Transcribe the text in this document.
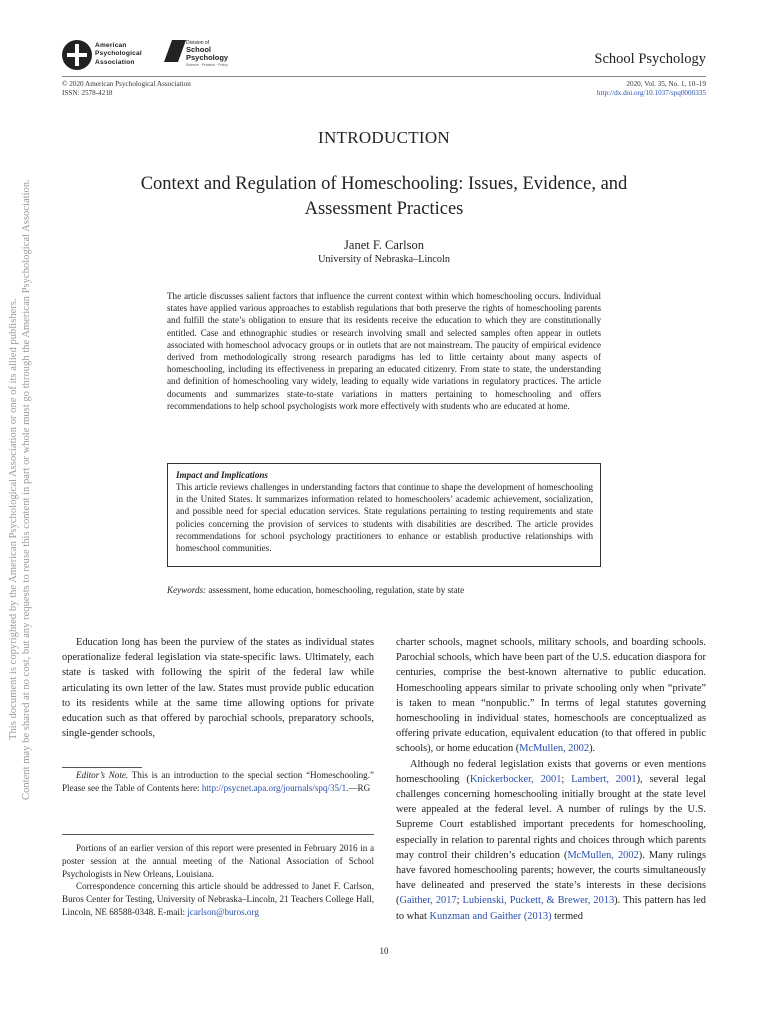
American
Psychological
Association
Division of
School
Psychology
Science · Practice · Policy	School Psychology
© 2020 American Psychological Association
ISSN: 2578-4218
2020, Vol. 35, No. 1, 10–19
http://dx.doi.org/10.1037/spq0000335
This document is copyrighted by the American Psychological Association or one of its allied publishers. Content may be shared at no cost, but any requests to reuse this content in part or whole must go through the American Psychological Association.
INTRODUCTION
Context and Regulation of Homeschooling: Issues, Evidence, and Assessment Practices
Janet F. Carlson
University of Nebraska–Lincoln
The article discusses salient factors that influence the current context within which homeschooling occurs. Individual states have applied various approaches to establish regulations that both preserve the rights of homeschooling parents and fulfill the state’s obligation to ensure that its residents receive the education to which they are constitutionally entitled. Case and ethnographic studies or research involving small and selected samples often appear in outlets associated with homeschool advocacy groups or in outlets that are not mainstream. The paucity of empirical evidence derived from methodologically strong research paradigms has led to little certainty about many aspects of homeschooling, including its effectiveness in preparing an educated citizenry. From state to state, the understanding and definition of homeschooling vary widely, leading to equally wide variations in regulatory practices. The article documents and summarizes state-to-state variations in matters pertaining to homeschooling and offers recommendations to help school psychologists work more effectively with students who are educated at home.
Impact and Implications
This article reviews challenges in understanding factors that continue to shape the development of homeschooling in the United States. It summarizes information related to homeschoolers’ academic achievement, socialization, and possible need for special education services. State regulations pertaining to testing requirements and state policies concerning the provision of services to students with disabilities are described. The article provides recommendations for school psychology practitioners to enhance or establish productive relationships with homeschool communities.
Keywords: assessment, home education, homeschooling, regulation, state by state

Education long has been the purview of the states as individual states operationalize federal legislation via state-specific laws. Ultimately, each state is tasked with following the spirit of the federal law while articulating its own letter of the law. States must provide public education to its residents while at the same time allowing options for private education such as that offered by parochial schools, preparatory schools, single-gender schools,

Editor’s Note. This is an introduction to the special section “Homeschooling.” Please see the Table of Contents here: http://psycnet.apa.org/journals/spq/35/1.—RG

Portions of an earlier version of this report were presented in February 2016 in a poster session at the annual meeting of the National Association of School Psychologists in New Orleans, Louisiana.

Correspondence concerning this article should be addressed to Janet F. Carlson, Buros Center for Testing, University of Nebraska–Lincoln, 21 Teachers College Hall, Lincoln, NE 68588-0348. E-mail: jcarlson@buros.org

charter schools, magnet schools, military schools, and boarding schools. Parochial schools, which have been part of the U.S. education diaspora for centuries, comprise the best-known alternative to public education. Homeschooling appears similar to private schooling only when “private” is taken to mean “nonpublic.” In terms of legal statutes governing homeschooling in individual states, homeschools are conceptualized as offering private education, equivalent education (to that offered in public schools), or home education (McMullen, 2002).

Although no federal legislation exists that governs or even mentions homeschooling (Knickerbocker, 2001; Lambert, 2001), several legal challenges concerning homeschooling initially brought at the state level were appealed at the federal level. A number of rulings by the U.S. Supreme Court established important precedents for homeschooling, especially in relation to parental rights and choices through which parents may control their children’s education (McMullen, 2002). Many rulings have favored homeschooling parents; however, the courts simultaneously have delineated and preserved the state’s interests in these decisions (Gaither, 2017; Lubienski, Puckett, & Brewer, 2013). This pattern has led to what Kunzman and Gaither (2013) termed

10
